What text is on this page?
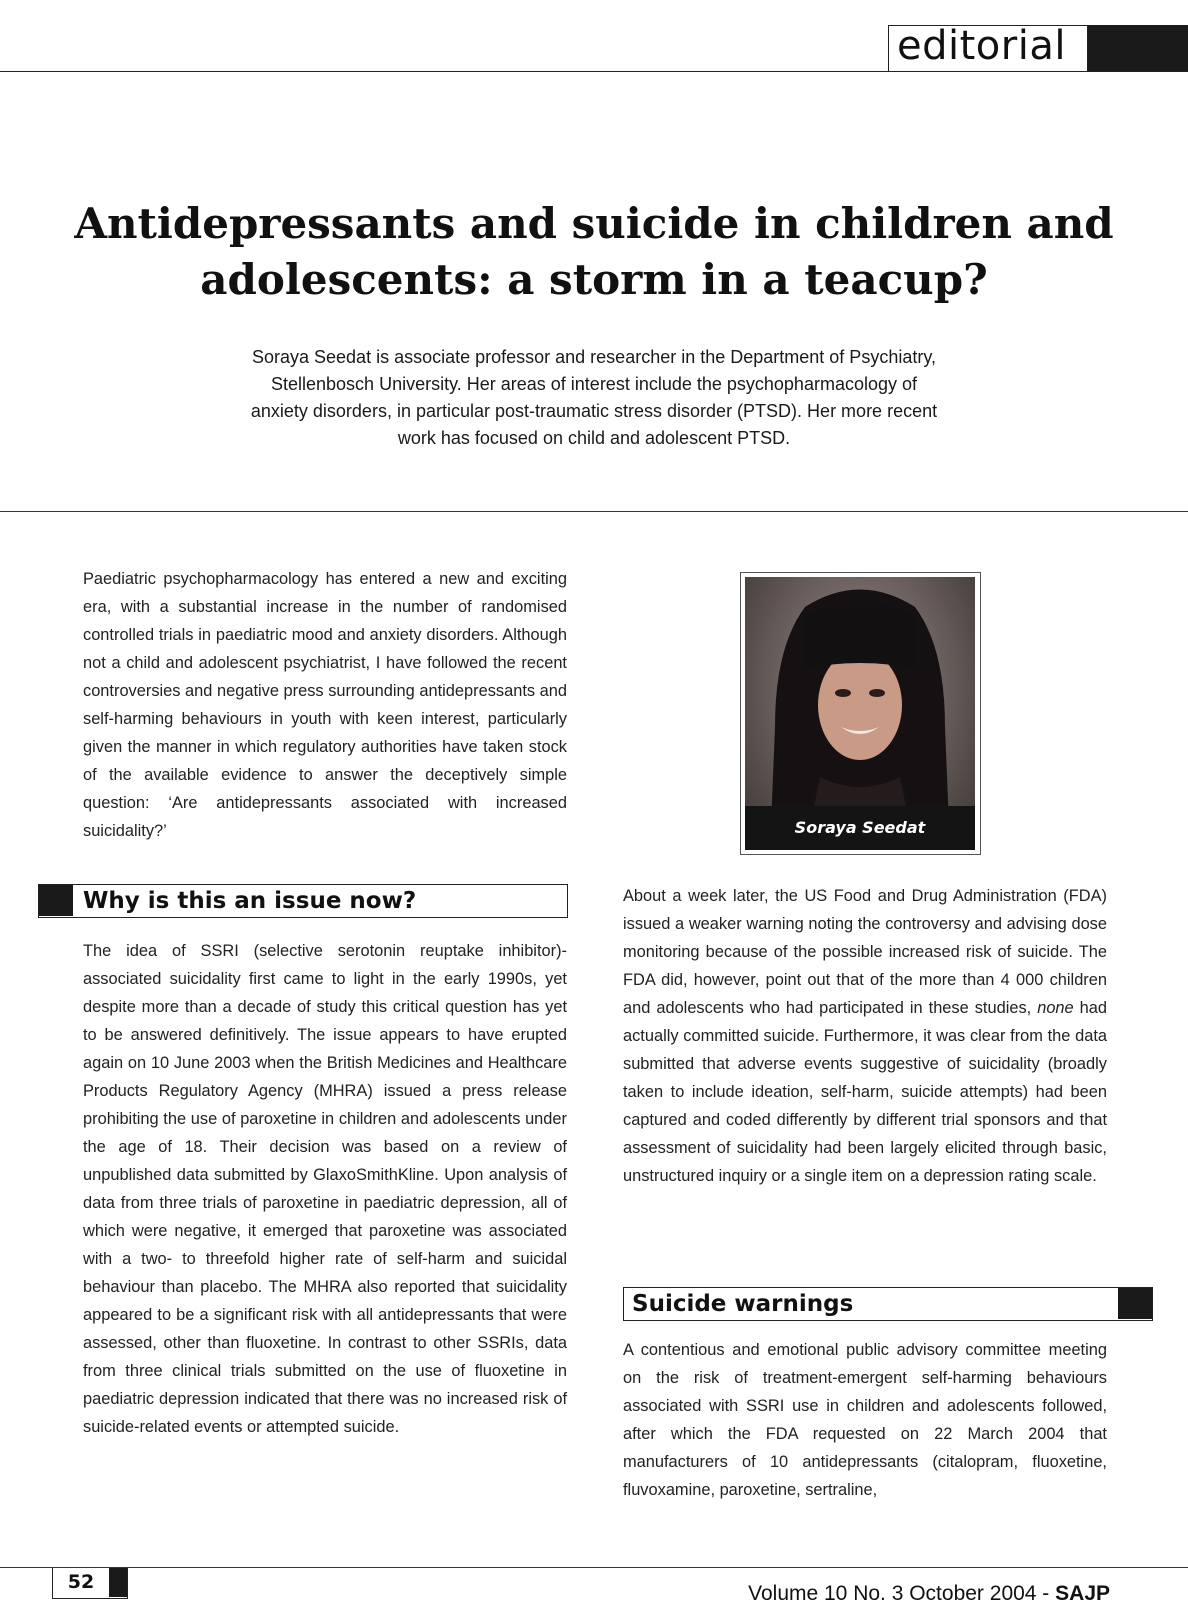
editorial
Antidepressants and suicide in children and adolescents: a storm in a teacup?

Soraya Seedat is associate professor and researcher in the Department of Psychiatry, Stellenbosch University. Her areas of interest include the psychopharmacology of anxiety disorders, in particular post-traumatic stress disorder (PTSD). Her more recent work has focused on child and adolescent PTSD.

Paediatric psychopharmacology has entered a new and exciting era, with a substantial increase in the number of randomised controlled trials in paediatric mood and anxiety disorders. Although not a child and adolescent psychiatrist, I have followed the recent controversies and negative press surrounding antidepressants and self-harming behaviours in youth with keen interest, particularly given the manner in which regulatory authorities have taken stock of the available evidence to answer the deceptively simple question: ‘Are antidepressants associated with increased suicidality?’

Why is this an issue now?

The idea of SSRI (selective serotonin reuptake inhibitor)-associated suicidality first came to light in the early 1990s, yet despite more than a decade of study this critical question has yet to be answered definitively. The issue appears to have erupted again on 10 June 2003 when the British Medicines and Healthcare Products Regulatory Agency (MHRA) issued a press release prohibiting the use of paroxetine in children and adolescents under the age of 18. Their decision was based on a review of unpublished data submitted by GlaxoSmithKline. Upon analysis of data from three trials of paroxetine in paediatric depression, all of which were negative, it emerged that paroxetine was associated with a two- to threefold higher rate of self-harm and suicidal behaviour than placebo. The MHRA also reported that suicidality appeared to be a significant risk with all antidepressants that were assessed, other than fluoxetine. In contrast to other SSRIs, data from three clinical trials submitted on the use of fluoxetine in paediatric depression indicated that there was no increased risk of suicide-related events or attempted suicide.

Soraya Seedat

About a week later, the US Food and Drug Administration (FDA) issued a weaker warning noting the controversy and advising dose monitoring because of the possible increased risk of suicide. The FDA did, however, point out that of the more than 4 000 children and adolescents who had participated in these studies, none had actually committed suicide. Furthermore, it was clear from the data submitted that adverse events suggestive of suicidality (broadly taken to include ideation, self-harm, suicide attempts) had been captured and coded differently by different trial sponsors and that assessment of suicidality had been largely elicited through basic, unstructured inquiry or a single item on a depression rating scale.

Suicide warnings

A contentious and emotional public advisory committee meeting on the risk of treatment-emergent self-harming behaviours associated with SSRI use in children and adolescents followed, after which the FDA requested on 22 March 2004 that manufacturers of 10 antidepressants (citalopram, fluoxetine, fluvoxamine, paroxetine, sertraline,

52	Volume 10 No. 3 October 2004 - SAJP
